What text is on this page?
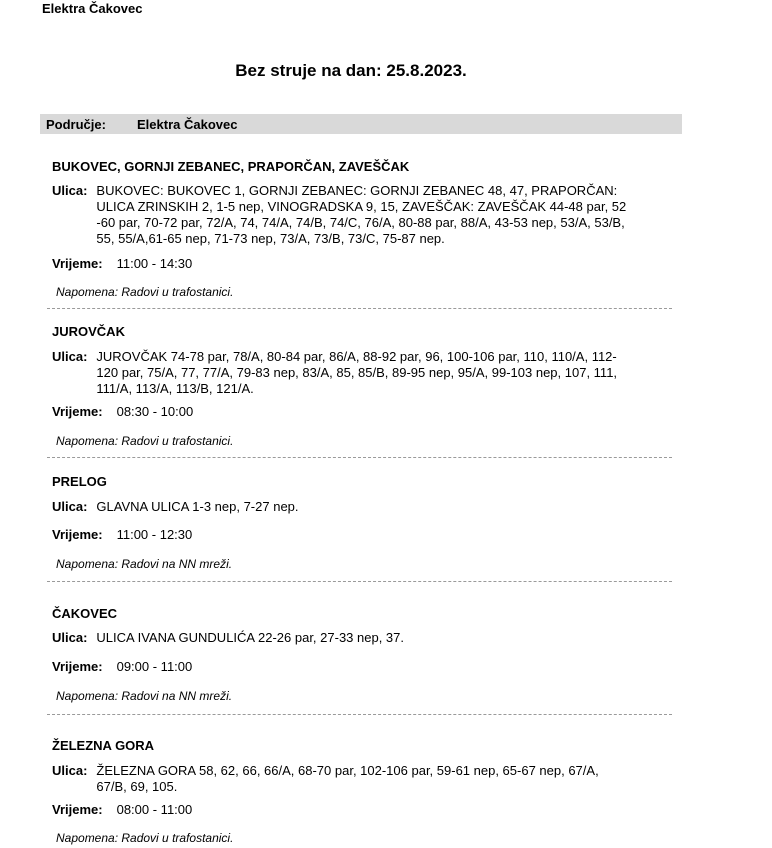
Elektra Čakovec
Bez struje na dan: 25.8.2023.
Područje: Elektra Čakovec
BUKOVEC, GORNJI ZEBANEC, PRAPORČAN, ZAVEŠČAK
Ulica: BUKOVEC: BUKOVEC 1, GORNJI ZEBANEC: GORNJI ZEBANEC 48, 47, PRAPORČAN:
ULICA ZRINSKIH 2, 1-5 nep, VINOGRADSKA 9, 15, ZAVEŠČAK: ZAVEŠČAK 44-48 par, 52
-60 par, 70-72 par, 72/A, 74, 74/A, 74/B, 74/C, 76/A, 80-88 par, 88/A, 43-53 nep, 53/A, 53/B,
55, 55/A,61-65 nep, 71-73 nep, 73/A, 73/B, 73/C, 75-87 nep.
Vrijeme: 11:00 - 14:30
Napomena: Radovi u trafostanici.
JUROVČAK
Ulica: JUROVČAK 74-78 par, 78/A, 80-84 par, 86/A, 88-92 par, 96, 100-106 par, 110, 110/A, 112-
120 par, 75/A, 77, 77/A, 79-83 nep, 83/A, 85, 85/B, 89-95 nep, 95/A, 99-103 nep, 107, 111,
111/A, 113/A, 113/B, 121/A.
Vrijeme: 08:30 - 10:00
Napomena: Radovi u trafostanici.
PRELOG
Ulica: GLAVNA ULICA 1-3 nep, 7-27 nep.
Vrijeme: 11:00 - 12:30
Napomena: Radovi na NN mreži.
ČAKOVEC
Ulica: ULICA IVANA GUNDULIĆA 22-26 par, 27-33 nep, 37.
Vrijeme: 09:00 - 11:00
Napomena: Radovi na NN mreži.
ŽELEZNA GORA
Ulica: ŽELEZNA GORA 58, 62, 66, 66/A, 68-70 par, 102-106 par, 59-61 nep, 65-67 nep, 67/A,
67/B, 69, 105.
Vrijeme: 08:00 - 11:00
Napomena: Radovi u trafostanici.
